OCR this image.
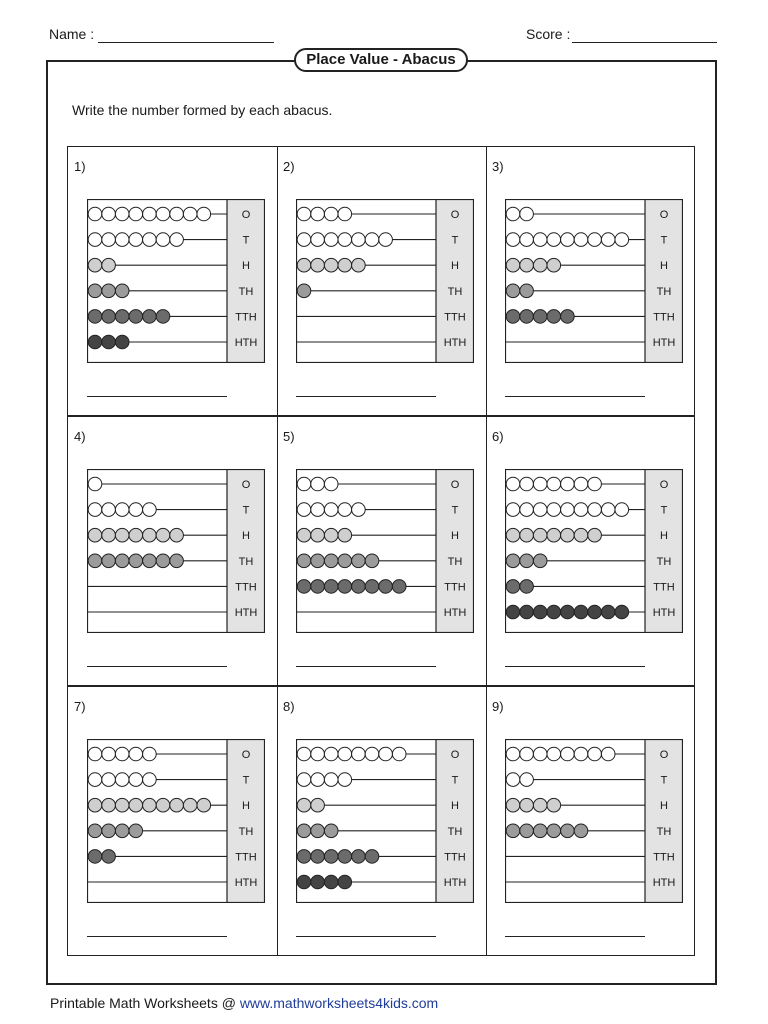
Name :	Score :
Place Value - Abacus
Write the number formed by each abacus.
1)
O
T
H
TH
TTH
HTH
2)
O
T
H
TH
TTH
HTH
3)
O
T
H
TH
TTH
HTH
4)
O
T
H
TH
TTH
HTH
5)
O
T
H
TH
TTH
HTH
6)
O
T
H
TH
TTH
HTH
7)
O
T
H
TH
TTH
HTH
8)
O
T
H
TH
TTH
HTH
9)
O
T
H
TH
TTH
HTH
Printable Math Worksheets @ www.mathworksheets4kids.com
